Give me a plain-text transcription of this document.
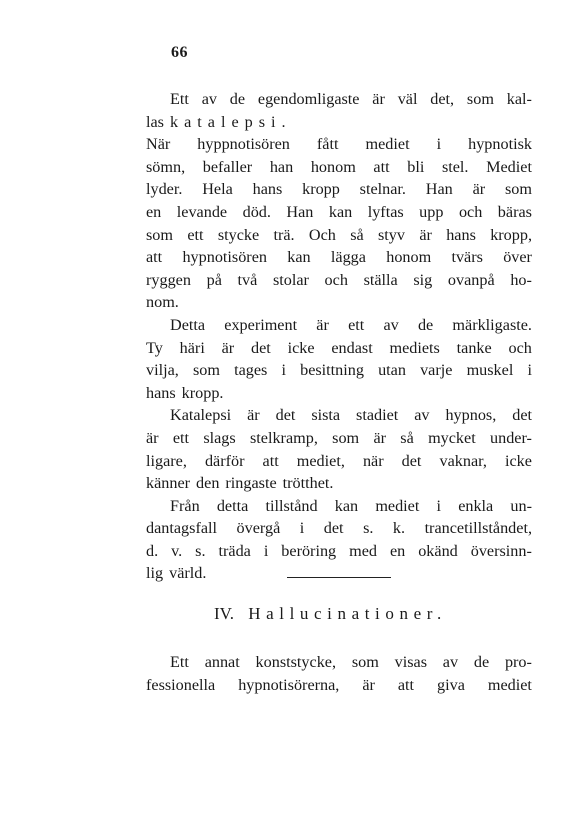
66
Ett av de egendomligaste är väl det, som kal-
las katalepsi.
När hyppnotisören fått mediet i hypnotisk
sömn, befaller han honom att bli stel. Mediet
lyder. Hela hans kropp stelnar. Han är som
en levande död. Han kan lyftas upp och bäras
som ett stycke trä. Och så styv är hans kropp,
att hypnotisören kan lägga honom tvärs över
ryggen på två stolar och ställa sig ovanpå ho-
nom.
Detta experiment är ett av de märkligaste.
Ty häri är det icke endast mediets tanke och
vilja, som tages i besittning utan varje muskel i
hans kropp.
Katalepsi är det sista stadiet av hypnos, det
är ett slags stelkramp, som är så mycket under-
ligare, därför att mediet, när det vaknar, icke
känner den ringaste trötthet.
Från detta tillstånd kan mediet i enkla un-
dantagsfall övergå i det s. k. trancetillståndet,
d. v. s. träda i beröring med en okänd översinn-
lig värld.
IV. Hallucinationer.
Ett annat konststycke, som visas av de pro-
fessionella hypnotisörerna, är att giva mediet
